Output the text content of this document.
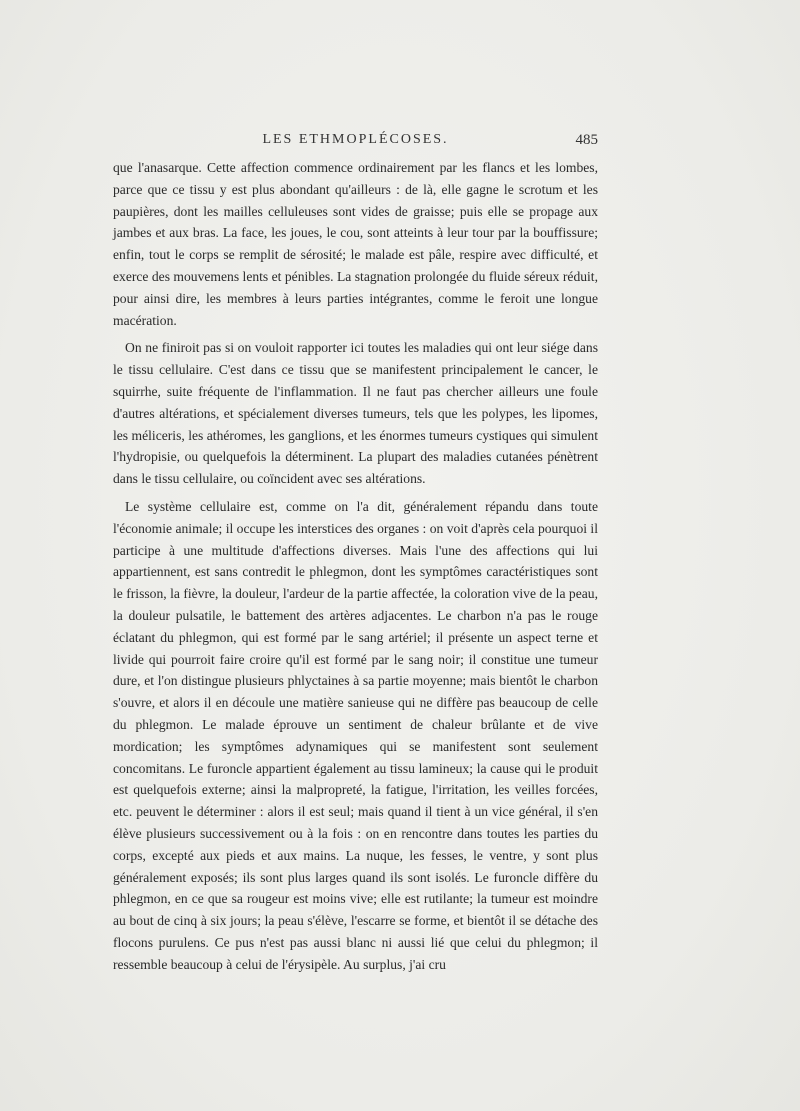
LES ETHMOPLÉCOSES.	485

que l'anasarque. Cette affection commence ordinairement par les flancs et les lombes, parce que ce tissu y est plus abondant qu'ailleurs : de là, elle gagne le scrotum et les paupières, dont les mailles celluleuses sont vides de graisse; puis elle se propage aux jambes et aux bras. La face, les joues, le cou, sont atteints à leur tour par la bouffissure; enfin, tout le corps se remplit de sérosité; le malade est pâle, respire avec difficulté, et exerce des mouvemens lents et pénibles. La stagnation prolongée du fluide séreux réduit, pour ainsi dire, les membres à leurs parties intégrantes, comme le feroit une longue macération.

On ne finiroit pas si on vouloit rapporter ici toutes les maladies qui ont leur siége dans le tissu cellulaire. C'est dans ce tissu que se manifestent principalement le cancer, le squirrhe, suite fréquente de l'inflammation. Il ne faut pas chercher ailleurs une foule d'autres altérations, et spécialement diverses tumeurs, tels que les polypes, les lipomes, les méliceris, les athéromes, les ganglions, et les énormes tumeurs cystiques qui simulent l'hydropisie, ou quelquefois la déterminent. La plupart des maladies cutanées pénètrent dans le tissu cellulaire, ou coïncident avec ses altérations.

Le système cellulaire est, comme on l'a dit, généralement répandu dans toute l'économie animale; il occupe les interstices des organes : on voit d'après cela pourquoi il participe à une multitude d'affections diverses. Mais l'une des affections qui lui appartiennent, est sans contredit le phlegmon, dont les symptômes caractéristiques sont le frisson, la fièvre, la douleur, l'ardeur de la partie affectée, la coloration vive de la peau, la douleur pulsatile, le battement des artères adjacentes. Le charbon n'a pas le rouge éclatant du phlegmon, qui est formé par le sang artériel; il présente un aspect terne et livide qui pourroit faire croire qu'il est formé par le sang noir; il constitue une tumeur dure, et l'on distingue plusieurs phlyctaines à sa partie moyenne; mais bientôt le charbon s'ouvre, et alors il en découle une matière sanieuse qui ne diffère pas beaucoup de celle du phlegmon. Le malade éprouve un sentiment de chaleur brûlante et de vive mordication; les symptômes adynamiques qui se manifestent sont seulement concomitans. Le furoncle appartient également au tissu lamineux; la cause qui le produit est quelquefois externe; ainsi la malpropreté, la fatigue, l'irritation, les veilles forcées, etc. peuvent le déterminer : alors il est seul; mais quand il tient à un vice général, il s'en élève plusieurs successivement ou à la fois : on en rencontre dans toutes les parties du corps, excepté aux pieds et aux mains. La nuque, les fesses, le ventre, y sont plus généralement exposés; ils sont plus larges quand ils sont isolés. Le furoncle diffère du phlegmon, en ce que sa rougeur est moins vive; elle est rutilante; la tumeur est moindre au bout de cinq à six jours; la peau s'élève, l'escarre se forme, et bientôt il se détache des flocons purulens. Ce pus n'est pas aussi blanc ni aussi lié que celui du phlegmon; il ressemble beaucoup à celui de l'érysipèle. Au surplus, j'ai cru
